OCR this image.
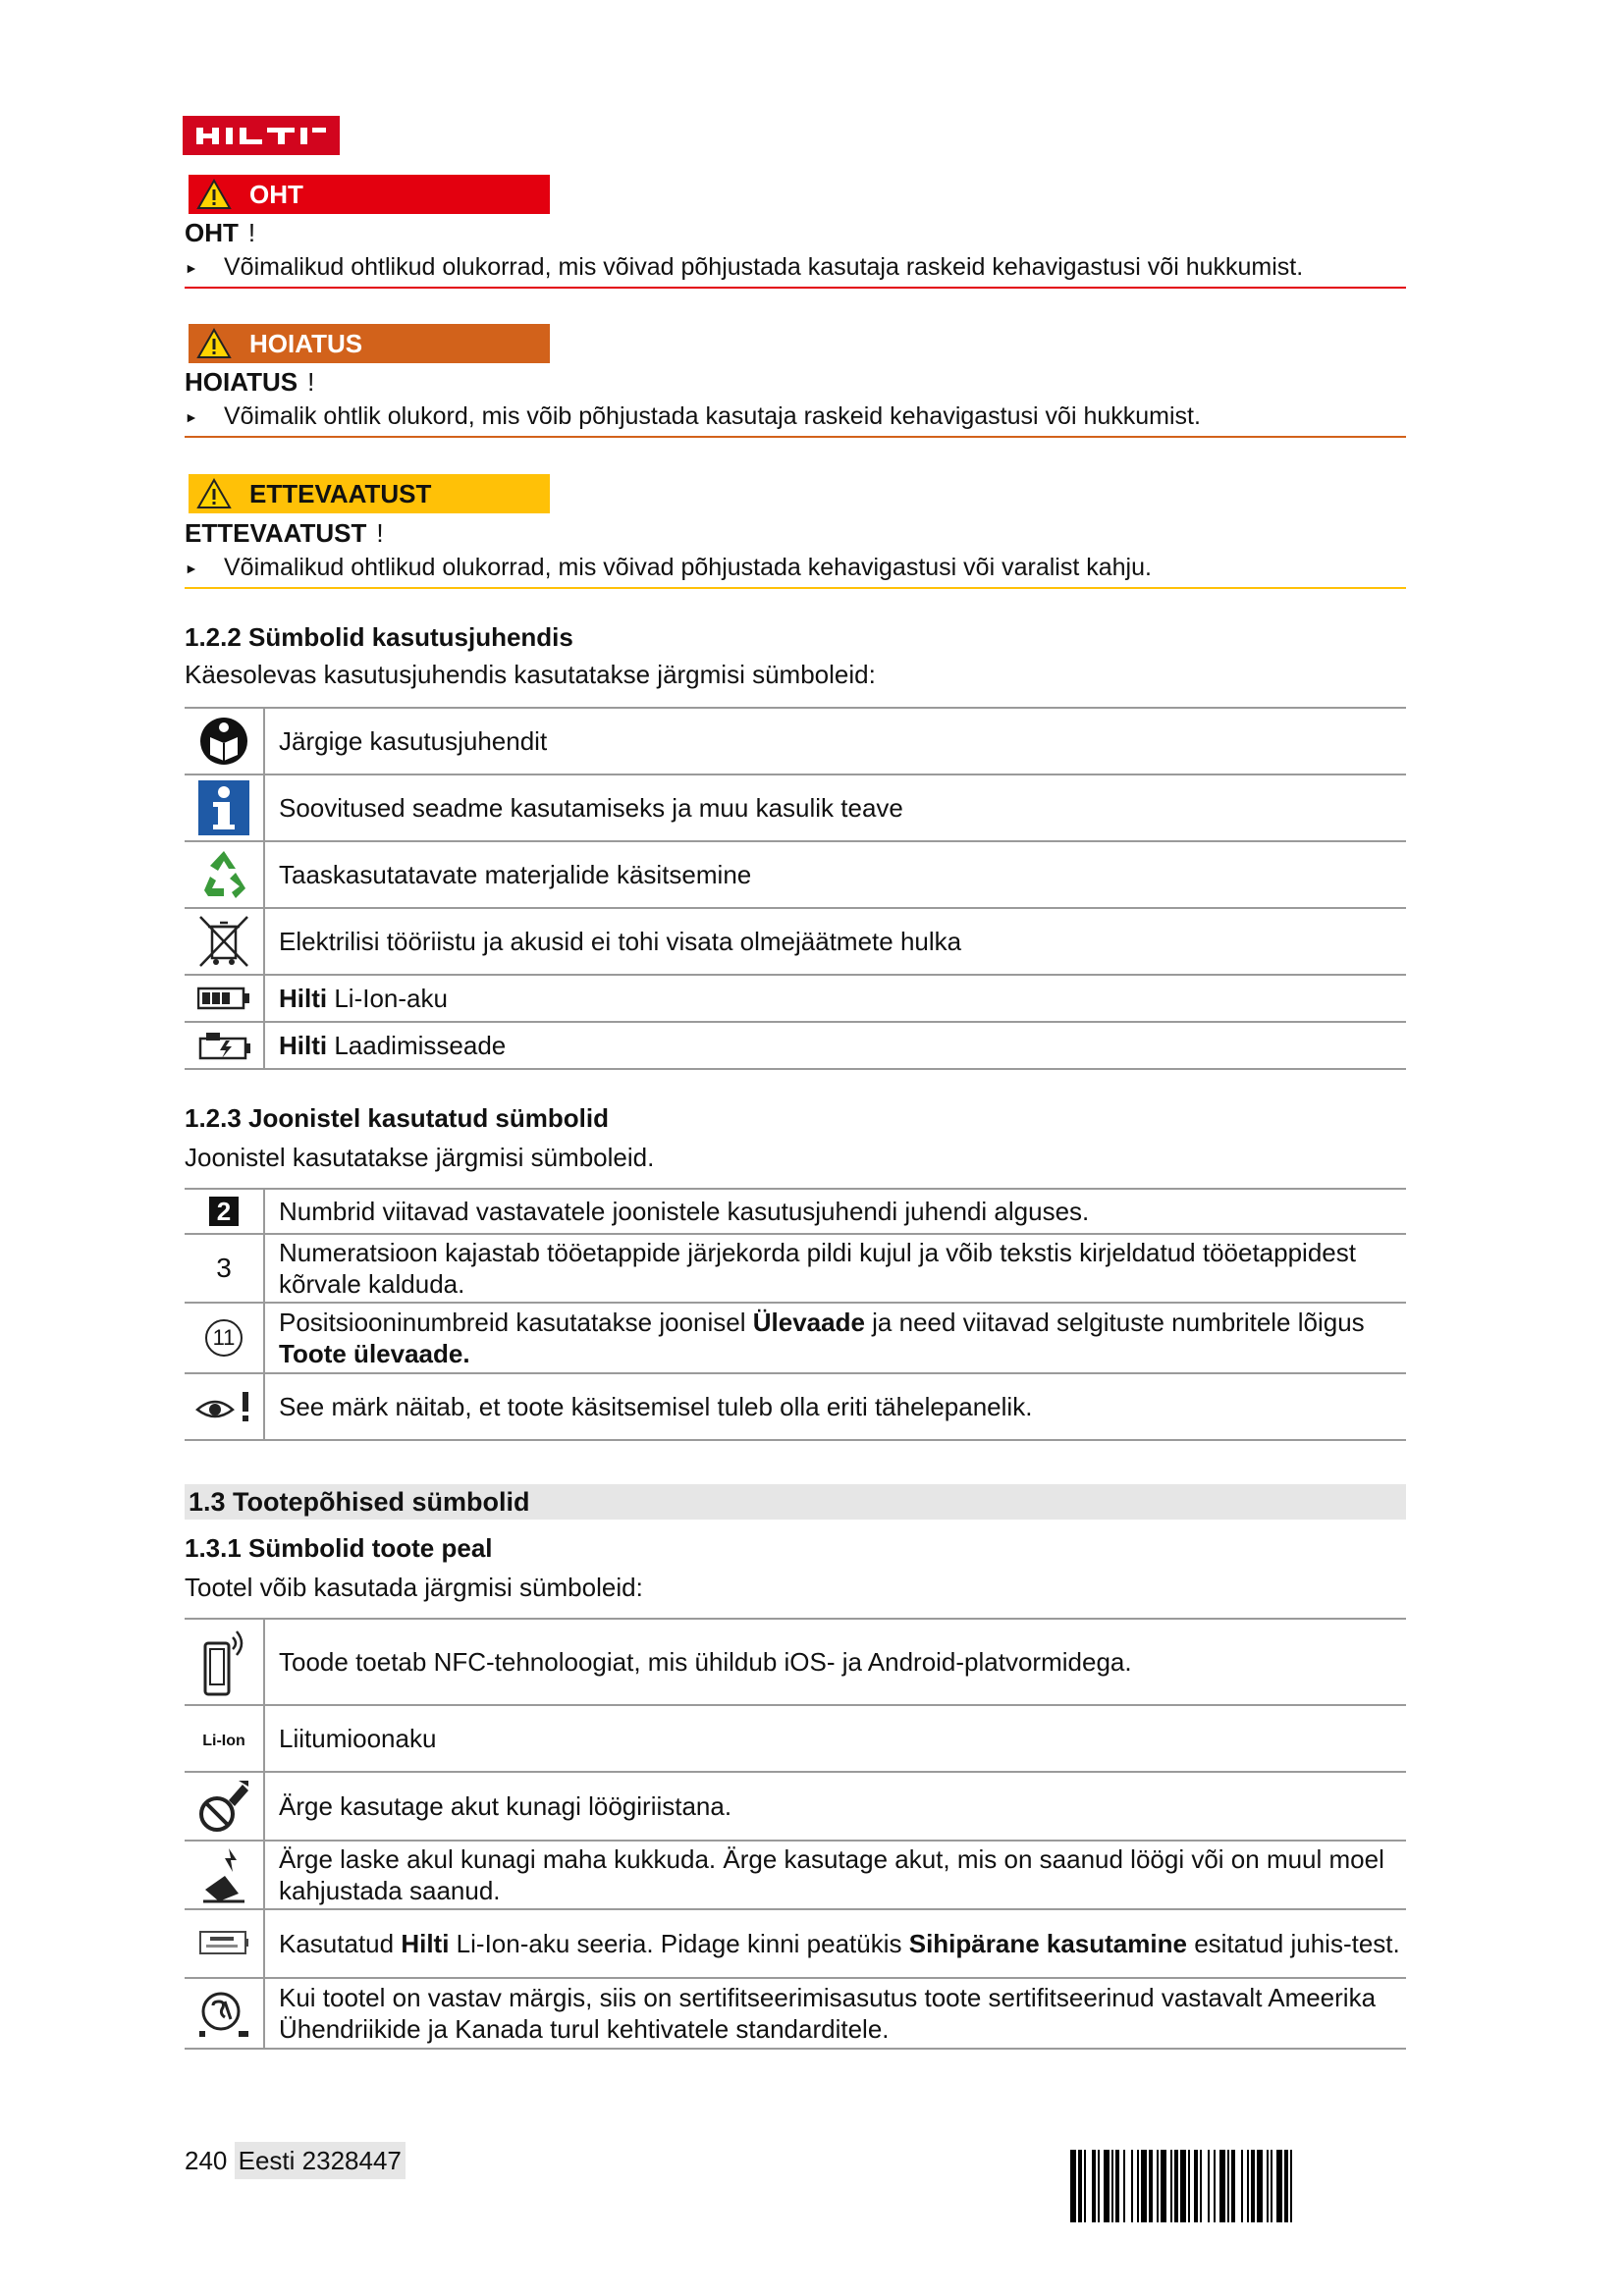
OHT
OHT !
► Võimalikud ohtlikud olukorrad, mis võivad põhjustada kasutaja raskeid kehavigastusi või hukkumist.
HOIATUS
HOIATUS !
► Võimalik ohtlik olukord, mis võib põhjustada kasutaja raskeid kehavigastusi või hukkumist.
ETTEVAATUST
ETTEVAATUST !
► Võimalikud ohtlikud olukorrad, mis võivad põhjustada kehavigastusi või varalist kahju.
1.2.2 Sümbolid kasutusjuhendis
Käesolevas kasutusjuhendis kasutatakse järgmisi sümboleid:
	Järgige kasutusjuhendit

	Soovitused seadme kasutamiseks ja muu kasulik teave

	Taaskasutatavate materjalide käsitsemine

	Elektrilisi tööriistu ja akusid ei tohi visata olmejäätmete hulka

	Hilti Li-Ion-aku

	Hilti Laadimisseade
1.2.3 Joonistel kasutatud sümbolid
Joonistel kasutatakse järgmisi sümboleid.
2	Numbrid viitavad vastavatele joonistele kasutusjuhendi juhendi alguses.
3	Numeratsioon kajastab tööetappide järjekorda pildi kujul ja võib tekstis kirjeldatud tööetappidest kõrvale kalduda.
11	Positsiooninumbreid kasutatakse joonisel Ülevaade ja need viitavad selgituste numbritele lõigus Toote ülevaade.

	See märk näitab, et toote käsitsemisel tuleb olla eriti tähelepanelik.
1.3 Tootepõhised sümbolid
1.3.1 Sümbolid toote peal
Tootel võib kasutada järgmisi sümboleid:
	Toode toetab NFC-tehnoloogiat, mis ühildub iOS- ja Android-platvormidega.
Li-Ion	Liitumioonaku

	Ärge kasutage akut kunagi löögiriistana.

	Ärge laske akul kunagi maha kukkuda. Ärge kasutage akut, mis on saanud löögi või on muul moel kahjustada saanud.

	Kasutatud Hilti Li-Ion-aku seeria. Pidage kinni peatükis Sihipärane kasutamine esitatud juhis-test.

	Kui tootel on vastav märgis, siis on sertifitseerimisasutus toote sertifitseerinud vastavalt Ameerika Ühendriikide ja Kanada turul kehtivatele standarditele.
240 Eesti 2328447
